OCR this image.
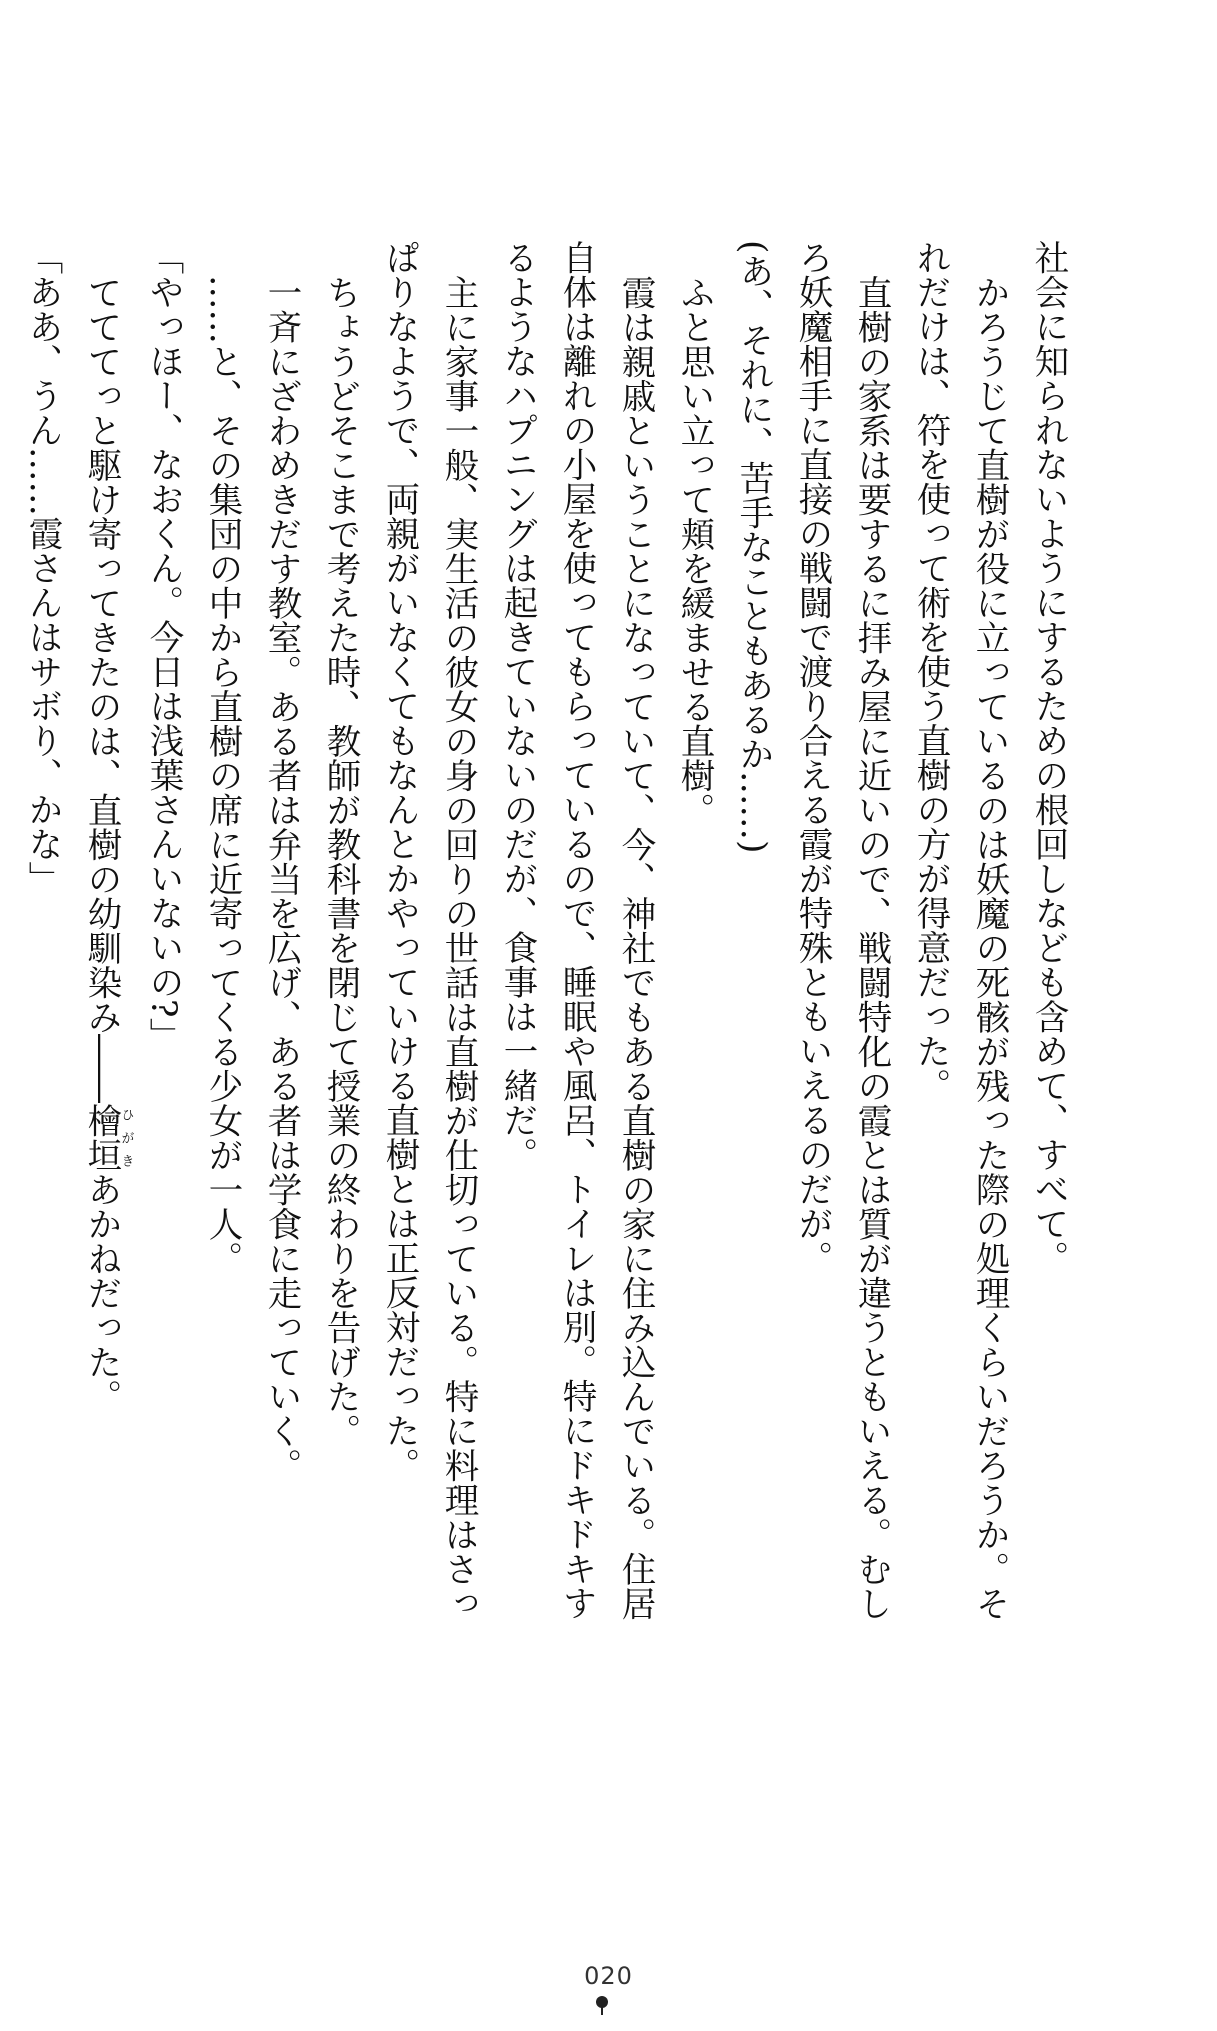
社会に知られないようにするための根回しなども含めて、すべて。
かろうじて直樹が役に立っているのは妖魔の死骸が残った際の処理くらいだろうか。そ
れだけは、符を使って術を使う直樹の方が得意だった。
直樹の家系は要するに拝み屋に近いので、戦闘特化の霞とは質が違うともいえる。むし
ろ妖魔相手に直接の戦闘で渡り合える霞が特殊ともいえるのだが。
(あ、それに、苦手なこともあるか……)
ふと思い立って頬を緩ませる直樹。
霞は親戚ということになっていて、今、神社でもある直樹の家に住み込んでいる。住居
自体は離れの小屋を使ってもらっているので、睡眠や風呂、トイレは別。特にドキドキす
るようなハプニングは起きていないのだが、食事は一緒だ。
主に家事一般、実生活の彼女の身の回りの世話は直樹が仕切っている。特に料理はさっ
ぱりなようで、両親がいなくてもなんとかやっていける直樹とは正反対だった。
ちょうどそこまで考えた時、教師が教科書を閉じて授業の終わりを告げた。
一斉にざわめきだす教室。ある者は弁当を広げ、ある者は学食に走っていく。
……と、その集団の中から直樹の席に近寄ってくる少女が一人。
「やっほー、なおくん。今日は浅葉さんいないの?」
てててっと駆け寄ってきたのは、直樹の幼馴染み――檜垣ひがきあかねだった。
「ああ、うん……霞さんはサボり、かな」
020
